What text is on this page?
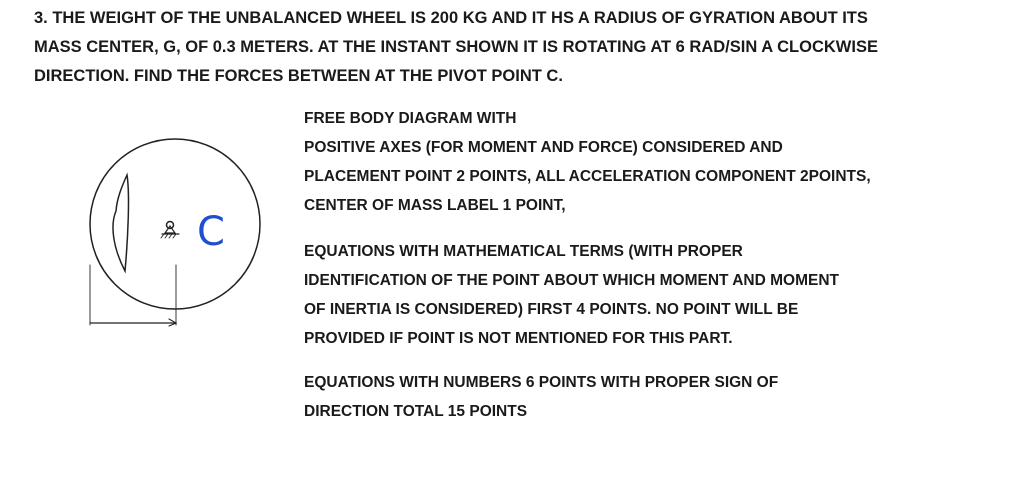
3. THE WEIGHT OF THE UNBALANCED WHEEL IS 200 KG AND IT HS A RADIUS OF GYRATION ABOUT ITS
MASS CENTER, G, OF 0.3 METERS. AT THE INSTANT SHOWN IT IS ROTATING AT 6 RAD/SIN A CLOCKWISE
DIRECTION. FIND THE FORCES BETWEEN AT THE PIVOT POINT C.
C

FREE BODY DIAGRAM WITH
POSITIVE AXES (FOR MOMENT AND FORCE) CONSIDERED AND
PLACEMENT POINT 2 POINTS, ALL ACCELERATION COMPONENT 2POINTS,
CENTER OF MASS LABEL 1 POINT,

EQUATIONS WITH MATHEMATICAL TERMS (WITH PROPER
IDENTIFICATION OF THE POINT ABOUT WHICH MOMENT AND MOMENT
OF INERTIA IS CONSIDERED) FIRST 4 POINTS. NO POINT WILL BE
PROVIDED IF POINT IS NOT MENTIONED FOR THIS PART.

EQUATIONS WITH NUMBERS 6 POINTS WITH PROPER SIGN OF
DIRECTION TOTAL 15 POINTS
